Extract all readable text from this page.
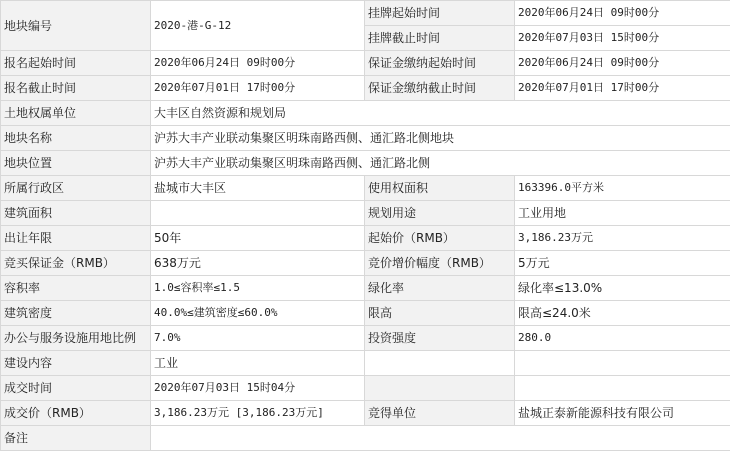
地块编号	2020-港-G-12	挂牌起始时间	2020年06月24日 09时00分
		挂牌截止时间	2020年07月03日 15时00分
报名起始时间	2020年06月24日 09时00分	保证金缴纳起始时间	2020年06月24日 09时00分
报名截止时间	2020年07月01日 17时00分	保证金缴纳截止时间	2020年07月01日 17时00分
土地权属单位	大丰区自然资源和规划局		
地块名称	沪苏大丰产业联动集聚区明珠南路西侧、通汇路北侧地块		
地块位置	沪苏大丰产业联动集聚区明珠南路西侧、通汇路北侧		
所属行政区	盐城市大丰区	使用权面积	163396.0平方米
建筑面积		规划用途	工业用地
出让年限	50年	起始价（RMB）	3,186.23万元
竞买保证金（RMB）	638万元	竞价增价幅度（RMB）	5万元
容积率	1.0≤容积率≤1.5	绿化率	绿化率≤13.0%
建筑密度	40.0%≤建筑密度≤60.0%	限高	限高≤24.0米
办公与服务设施用地比例	7.0%	投资强度	280.0
建设内容	工业		
成交时间	2020年07月03日 15时04分		
成交价（RMB）	3,186.23万元 [3,186.23万元]	竞得单位	盐城正泰新能源科技有限公司
备注			
